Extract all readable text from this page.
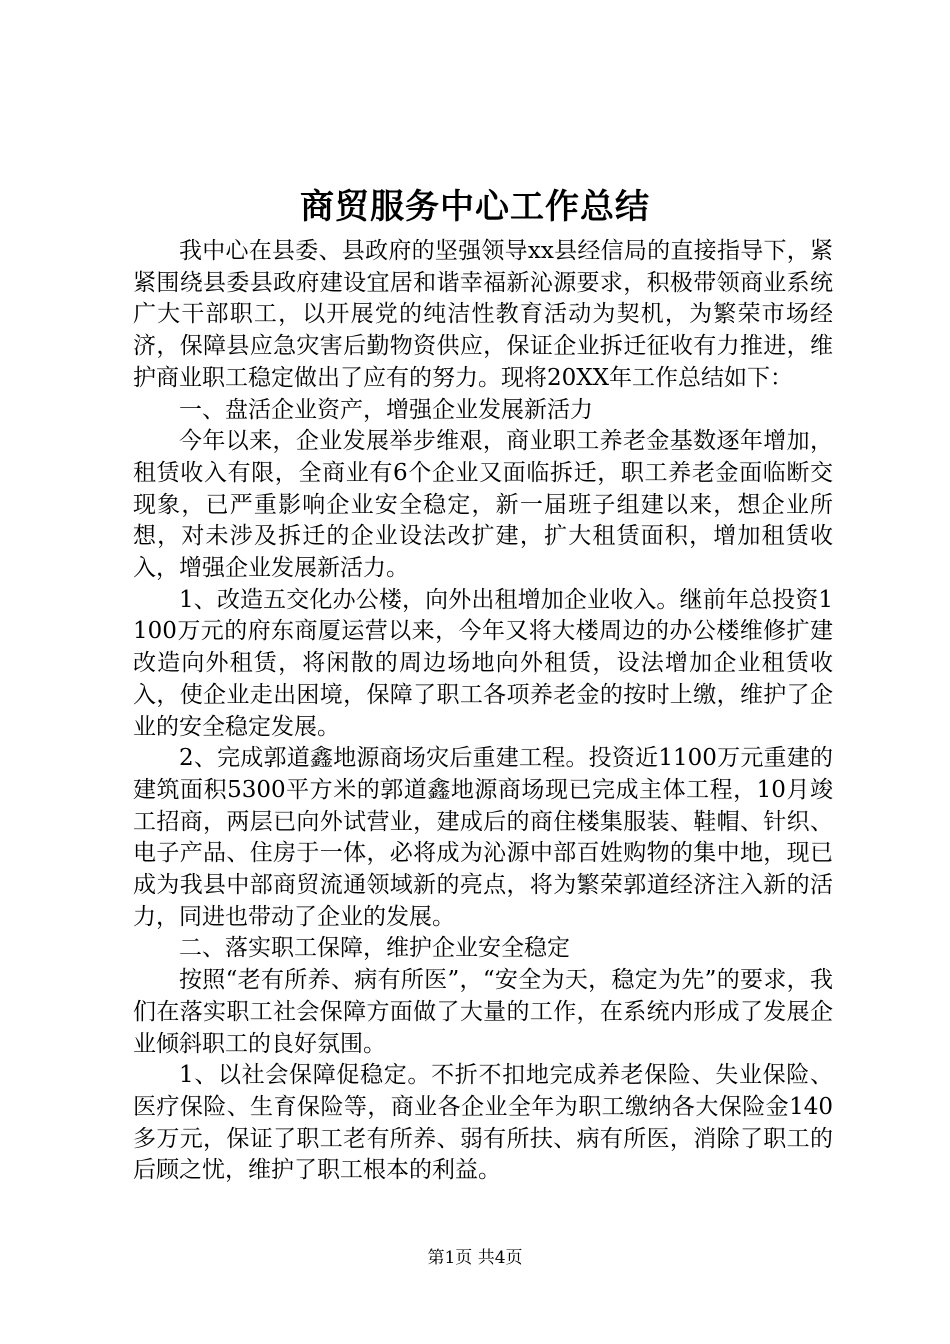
商贸服务中心工作总结

我中心在县委、县政府的坚强领导xx县经信局的直接指导下，紧紧围绕县委县政府建设宜居和谐幸福新沁源要求，积极带领商业系统广大干部职工，以开展党的纯洁性教育活动为契机，为繁荣市场经济，保障县应急灾害后勤物资供应，保证企业拆迁征收有力推进，维护商业职工稳定做出了应有的努力。现将20XX年工作总结如下：

一、盘活企业资产，增强企业发展新活力

今年以来，企业发展举步维艰，商业职工养老金基数逐年增加，租赁收入有限，全商业有6个企业又面临拆迁，职工养老金面临断交现象，已严重影响企业安全稳定，新一届班子组建以来，想企业所想，对未涉及拆迁的企业设法改扩建，扩大租赁面积，增加租赁收入，增强企业发展新活力。

1、改造五交化办公楼，向外出租增加企业收入。继前年总投资1100万元的府东商厦运营以来，今年又将大楼周边的办公楼维修扩建改造向外租赁，将闲散的周边场地向外租赁，设法增加企业租赁收入，使企业走出困境，保障了职工各项养老金的按时上缴，维护了企业的安全稳定发展。

2、完成郭道鑫地源商场灾后重建工程。投资近1100万元重建的建筑面积5300平方米的郭道鑫地源商场现已完成主体工程，10月竣工招商，两层已向外试营业，建成后的商住楼集服装、鞋帽、针织、电子产品、住房于一体，必将成为沁源中部百姓购物的集中地，现已成为我县中部商贸流通领域新的亮点，将为繁荣郭道经济注入新的活力，同进也带动了企业的发展。

二、落实职工保障，维护企业安全稳定

按照“老有所养、病有所医”，“安全为天，稳定为先”的要求，我们在落实职工社会保障方面做了大量的工作，在系统内形成了发展企业倾斜职工的良好氛围。

1、以社会保障促稳定。不折不扣地完成养老保险、失业保险、医疗保险、生育保险等，商业各企业全年为职工缴纳各大保险金140多万元，保证了职工老有所养、弱有所扶、病有所医，消除了职工的后顾之忧，维护了职工根本的利益。

第1页 共4页
